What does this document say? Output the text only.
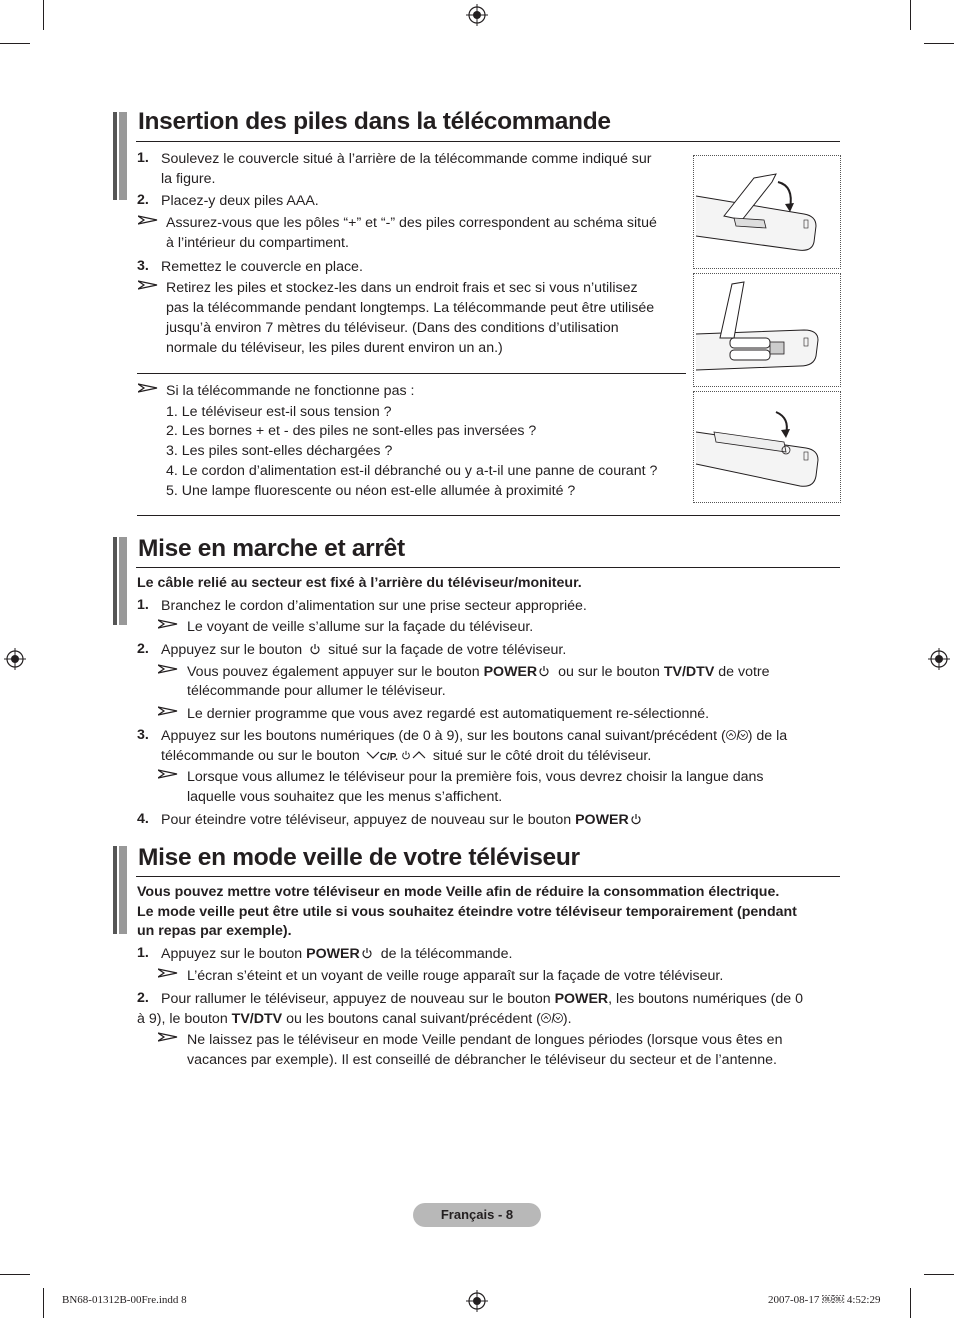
Insertion des piles dans la télécommande
1. Soulevez le couvercle situé à l’arrière de la télécommande comme indiqué sur
la figure.
2. Placez-y deux piles AAA.
Assurez-vous que les pôles “+” et “-” des piles correspondent au schéma situé
à l’intérieur du compartiment.
3. Remettez le couvercle en place.
Retirez les piles et stockez-les dans un endroit frais et sec si vous n’utilisez
pas la télécommande pendant longtemps. La télécommande peut être utilisée
jusqu’à environ 7 mètres du téléviseur. (Dans des conditions d’utilisation
normale du téléviseur, les piles durent environ un an.)
Si la télécommande ne fonctionne pas :
1. Le téléviseur est-il sous tension ?
2. Les bornes + et - des piles ne sont-elles pas inversées ?
3. Les piles sont-elles déchargées ?
4. Le cordon d’alimentation est-il débranché ou y a-t-il une panne de courant ?
5. Une lampe fluorescente ou néon est-elle allumée à proximité ?
Mise en marche et arrêt
Le câble relié au secteur est fixé à l’arrière du téléviseur/moniteur.
1. Branchez le cordon d’alimentation sur une prise secteur appropriée.
Le voyant de veille s’allume sur la façade du téléviseur.
2. Appuyez sur le bouton situé sur la façade de votre téléviseur.
Vous pouvez également appuyer sur le bouton POWER ou sur le bouton TV/DTV de votre
télécommande pour allumer le téléviseur.
Le dernier programme que vous avez regardé est automatiquement re-sélectionné.
3. Appuyez sur les boutons numériques (de 0 à 9), sur les boutons canal suivant/précédent ( ) de la
télécommande ou sur le bouton C/P. situé sur le côté droit du téléviseur.
Lorsque vous allumez le téléviseur pour la première fois, vous devrez choisir la langue dans
laquelle vous souhaitez que les menus s’affichent.
4. Pour éteindre votre téléviseur, appuyez de nouveau sur le bouton POWER
Mise en mode veille de votre téléviseur
Vous pouvez mettre votre téléviseur en mode Veille afin de réduire la consommation électrique.
Le mode veille peut être utile si vous souhaitez éteindre votre téléviseur temporairement (pendant
un repas par exemple).
1. Appuyez sur le bouton POWER de la télécommande.
L’écran s’éteint et un voyant de veille rouge apparaît sur la façade de votre téléviseur.
2. Pour rallumer le téléviseur, appuyez de nouveau sur le bouton POWER, les boutons numériques (de 0
à 9), le bouton TV/DTV ou les boutons canal suivant/précédent ( ).
Ne laissez pas le téléviseur en mode Veille pendant de longues périodes (lorsque vous êtes en
vacances par exemple). Il est conseillé de débrancher le téléviseur du secteur et de l’antenne.
Français - 8
BN68-01312B-00Fre.indd 8	2007-08-17 ￼￼ 4:52:29
